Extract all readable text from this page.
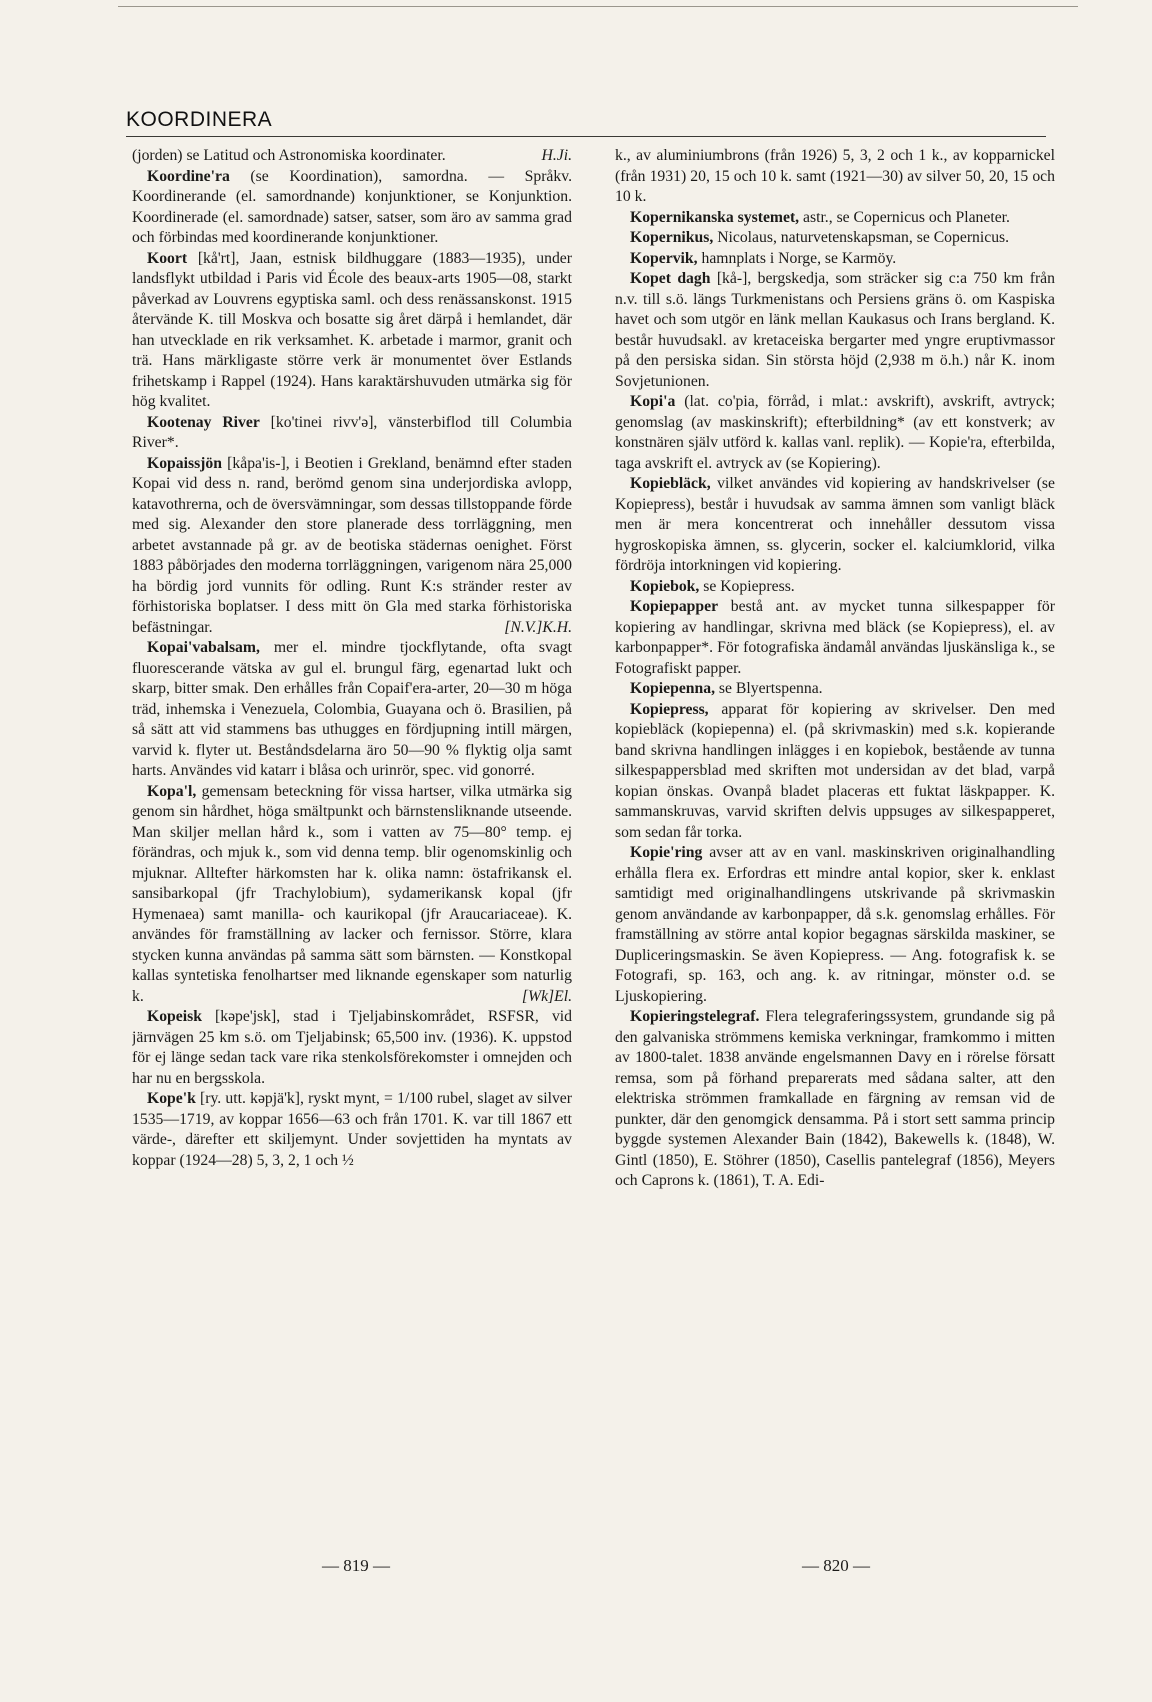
KOORDINERA

H.Ji.
(jorden) se Latitud och Astronomiska koordinater.

Koordine'ra (se Koordination), samordna. — Språkv. Koordinerande (el. samordnande) konjunktioner, se Konjunktion. Koordinerade (el. samordnade) satser, satser, som äro av samma grad och förbindas med koordinerande konjunktioner.

Koort [kå'rt], Jaan, estnisk bildhuggare (1883—1935), under landsflykt utbildad i Paris vid École des beaux-arts 1905—08, starkt påverkad av Louvrens egyptiska saml. och dess renässanskonst. 1915 återvände K. till Moskva och bosatte sig året därpå i hemlandet, där han utvecklade en rik verksamhet. K. arbetade i marmor, granit och trä. Hans märkligaste större verk är monumentet över Estlands frihetskamp i Rappel (1924). Hans karaktärshuvuden utmärka sig för hög kvalitet.

Kootenay River [ko'tinei rivv'ə], vänsterbiflod till Columbia River*.

Kopaissjön [kåpa'is-], i Beotien i Grekland, benämnd efter staden Kopai vid dess n. rand, berömd genom sina underjordiska avlopp, katavothrerna, och de översvämningar, som dessas tillstoppande förde med sig. Alexander den store planerade dess torrläggning, men arbetet avstannade på gr. av de beotiska städernas oenighet. Först 1883 påbörjades den moderna torrläggningen, varigenom nära 25,000 ha bördig jord vunnits för odling. Runt K:s stränder rester av förhistoriska boplatser. I dess mitt ön Gla med starka förhistoriska befästningar.	[N.V.]K.H.

Kopai'vabalsam, mer el. mindre tjockflytande, ofta svagt fluorescerande vätska av gul el. brungul färg, egenartad lukt och skarp, bitter smak. Den erhålles från Copaif'era-arter, 20—30 m höga träd, inhemska i Venezuela, Colombia, Guayana och ö. Brasilien, på så sätt att vid stammens bas uthugges en fördjupning intill märgen, varvid k. flyter ut. Beståndsdelarna äro 50—90 % flyktig olja samt harts. Användes vid katarr i blåsa och urinrör, spec. vid gonorré.

Kopa'l, gemensam beteckning för vissa hartser, vilka utmärka sig genom sin hårdhet, höga smältpunkt och bärnstensliknande utseende. Man skiljer mellan hård k., som i vatten av 75—80° temp. ej förändras, och mjuk k., som vid denna temp. blir ogenomskinlig och mjuknar. Alltefter härkomsten har k. olika namn: östafrikansk el. sansibarkopal (jfr Trachylobium), sydamerikansk kopal (jfr Hymenaea) samt manilla- och kaurikopal (jfr Araucariaceae). K. användes för framställning av lacker och fernissor. Större, klara stycken kunna användas på samma sätt som bärnsten. — Konstkopal kallas syntetiska fenolhartser med liknande egenskaper som naturlig k.	[Wk]El.

Kopeisk [kəpe'jsk], stad i Tjeljabinskområdet, RSFSR, vid järnvägen 25 km s.ö. om Tjeljabinsk; 65,500 inv. (1936). K. uppstod för ej länge sedan tack vare rika stenkolsförekomster i omnejden och har nu en bergsskola.

Kope'k [ry. utt. kəpjä'k], ryskt mynt, = 1/100 rubel, slaget av silver 1535—1719, av koppar 1656—63 och från 1701. K. var till 1867 ett värde-, därefter ett skiljemynt. Under sovjettiden ha myntats av koppar (1924—28) 5, 3, 2, 1 och ½

k., av aluminiumbrons (från 1926) 5, 3, 2 och 1 k., av kopparnickel (från 1931) 20, 15 och 10 k. samt (1921—30) av silver 50, 20, 15 och 10 k.

Kopernikanska systemet, astr., se Copernicus och Planeter.

Kopernikus, Nicolaus, naturvetenskapsman, se Copernicus.

Kopervik, hamnplats i Norge, se Karmöy.

Kopet dagh [kå-], bergskedja, som sträcker sig c:a 750 km från n.v. till s.ö. längs Turkmenistans och Persiens gräns ö. om Kaspiska havet och som utgör en länk mellan Kaukasus och Irans bergland. K. består huvudsakl. av kretaceiska bergarter med yngre eruptivmassor på den persiska sidan. Sin största höjd (2,938 m ö.h.) når K. inom Sovjetunionen.

Kopi'a (lat. co'pia, förråd, i mlat.: avskrift), avskrift, avtryck; genomslag (av maskinskrift); efterbildning* (av ett konstverk; av konstnären själv utförd k. kallas vanl. replik). — Kopie'ra, efterbilda, taga avskrift el. avtryck av (se Kopiering).

Kopiebläck, vilket användes vid kopiering av handskrivelser (se Kopiepress), består i huvudsak av samma ämnen som vanligt bläck men är mera koncentrerat och innehåller dessutom vissa hygroskopiska ämnen, ss. glycerin, socker el. kalciumklorid, vilka fördröja intorkningen vid kopiering.

Kopiebok, se Kopiepress.

Kopiepapper bestå ant. av mycket tunna silkespapper för kopiering av handlingar, skrivna med bläck (se Kopiepress), el. av karbonpapper*. För fotografiska ändamål användas ljuskänsliga k., se Fotografiskt papper.

Kopiepenna, se Blyertspenna.

Kopiepress, apparat för kopiering av skrivelser. Den med kopiebläck (kopiepenna) el. (på skrivmaskin) med s.k. kopierande band skrivna handlingen inlägges i en kopiebok, bestående av tunna silkespappersblad med skriften mot undersidan av det blad, varpå kopian önskas. Ovanpå bladet placeras ett fuktat läskpapper. K. sammanskruvas, varvid skriften delvis uppsuges av silkespapperet, som sedan får torka.

Kopie'ring avser att av en vanl. maskinskriven originalhandling erhålla flera ex. Erfordras ett mindre antal kopior, sker k. enklast samtidigt med originalhandlingens utskrivande på skrivmaskin genom användande av karbonpapper, då s.k. genomslag erhålles. För framställning av större antal kopior begagnas särskilda maskiner, se Dupliceringsmaskin. Se även Kopiepress. — Ang. fotografisk k. se Fotografi, sp. 163, och ang. k. av ritningar, mönster o.d. se Ljuskopiering.

Kopieringstelegraf. Flera telegraferingssystem, grundande sig på den galvaniska strömmens kemiska verkningar, framkommo i mitten av 1800-talet. 1838 använde engelsmannen Davy en i rörelse försatt remsa, som på förhand preparerats med sådana salter, att den elektriska strömmen framkallade en färgning av remsan vid de punkter, där den genomgick densamma. På i stort sett samma princip byggde systemen Alexander Bain (1842), Bakewells k. (1848), W. Gintl (1850), E. Stöhrer (1850), Casellis pantelegraf (1856), Meyers och Caprons k. (1861), T. A. Edi-

— 819 —	— 820 —
